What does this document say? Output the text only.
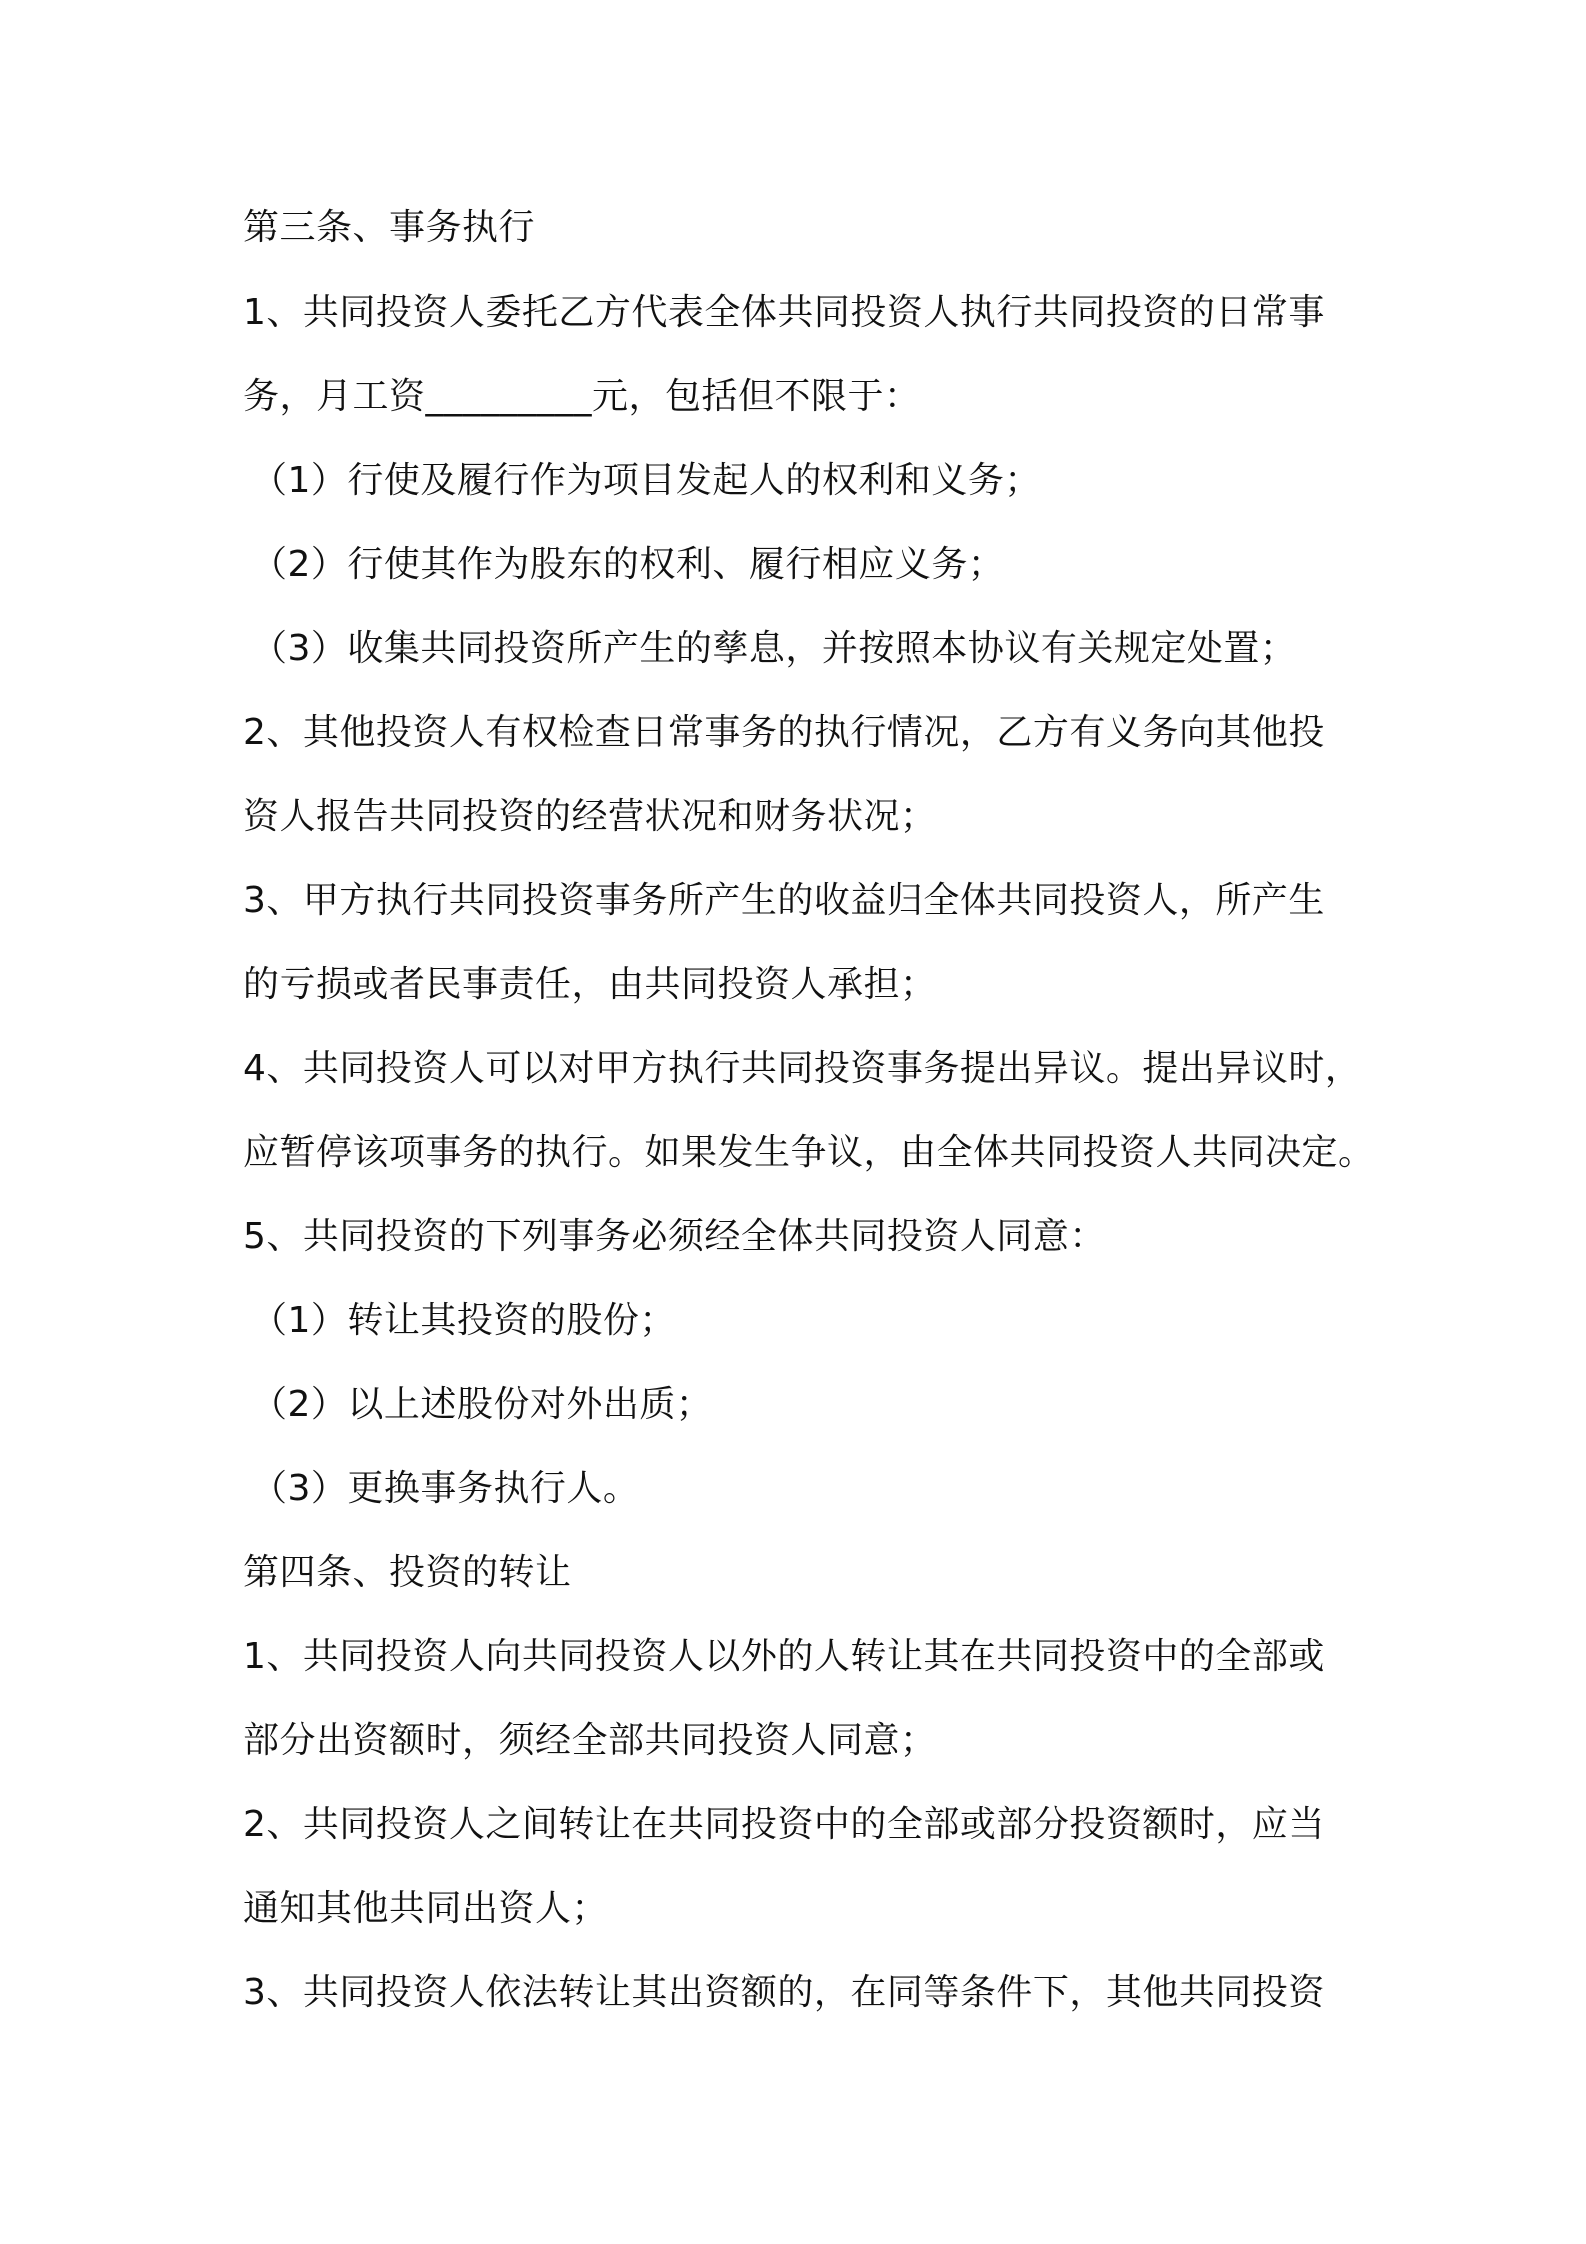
第三条、事务执行
1、共同投资人委托乙方代表全体共同投资人执行共同投资的日常事
务，月工资_________元，包括但不限于：
（1）行使及履行作为项目发起人的权利和义务；
（2）行使其作为股东的权利、履行相应义务；
（3）收集共同投资所产生的孳息，并按照本协议有关规定处置；
2、其他投资人有权检查日常事务的执行情况，乙方有义务向其他投
资人报告共同投资的经营状况和财务状况；
3、甲方执行共同投资事务所产生的收益归全体共同投资人，所产生
的亏损或者民事责任，由共同投资人承担；
4、共同投资人可以对甲方执行共同投资事务提出异议。提出异议时，
应暂停该项事务的执行。如果发生争议，由全体共同投资人共同决定。
5、共同投资的下列事务必须经全体共同投资人同意：
（1）转让其投资的股份；
（2）以上述股份对外出质；
（3）更换事务执行人。
第四条、投资的转让
1、共同投资人向共同投资人以外的人转让其在共同投资中的全部或
部分出资额时，须经全部共同投资人同意；
2、共同投资人之间转让在共同投资中的全部或部分投资额时，应当
通知其他共同出资人；
3、共同投资人依法转让其出资额的，在同等条件下，其他共同投资
